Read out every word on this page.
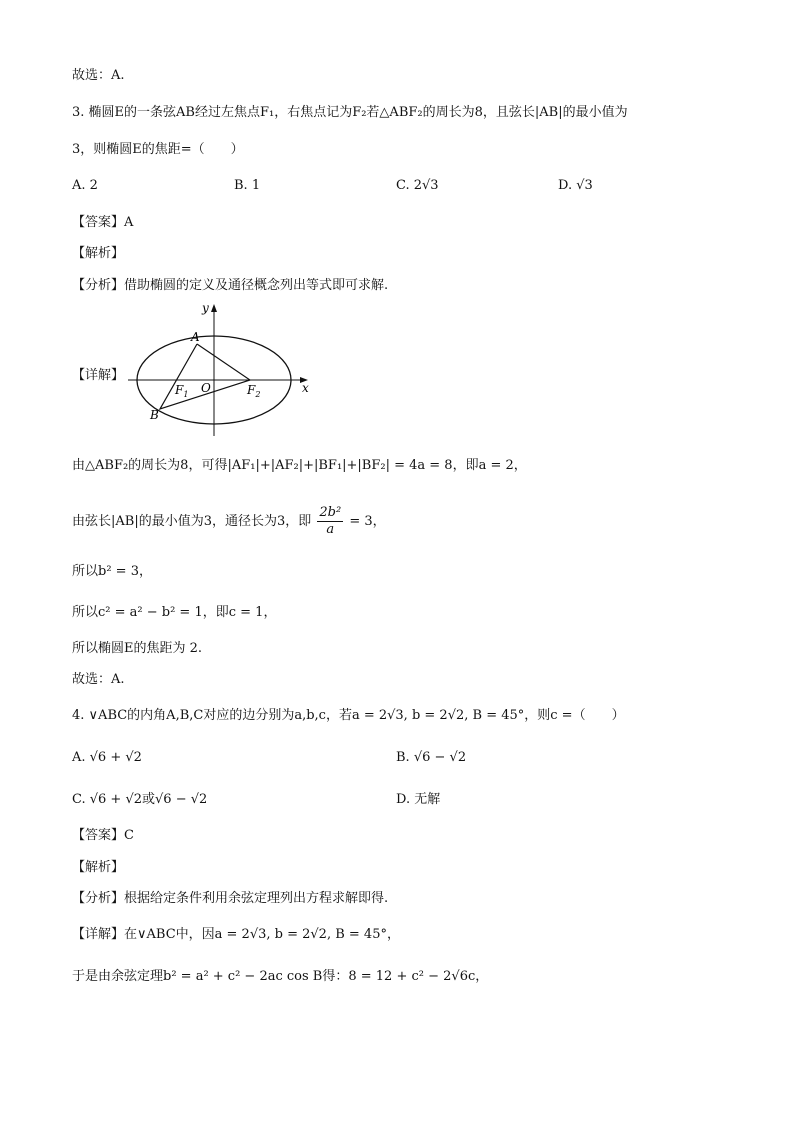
故选：A.
3. 椭圆E的一条弦AB经过左焦点F₁，右焦点记为F₂若△ABF₂的周长为8，且弦长|AB|的最小值为
3，则椭圆E的焦距=（　　）
A. 2	B. 1	C. 2√3	D. √3
【答案】A
【解析】
【分析】借助椭圆的定义及通径概念列出等式即可求解.
【详解】
y
x
A
B
O
$F_1$	$F_2$
由△ABF₂的周长为8，可得|AF₁|+|AF₂|+|BF₁|+|BF₂| = 4a = 8，即a = 2，
由弦长|AB|的最小值为3，通径长为3，即 $\frac{\text{2b²}}{a} = 3$，
所以b² = 3，
所以c² = a² − b² = 1，即c = 1，
所以椭圆E的焦距为 2.
故选：A.
4. ∨ABC的内角A,B,C对应的边分别为a,b,c，若a = 2√3, b = 2√2, B = 45°，则c =（　　）
A. √6 + √2	B. √6 − √2
C. √6 + √2或√6 − √2	D. 无解
【答案】C
【解析】
【分析】根据给定条件利用余弦定理列出方程求解即得.
【详解】在∨ABC中，因a = 2√3, b = 2√2, B = 45°，
于是由余弦定理b² = a² + c² − 2ac cos B得：8 = 12 + c² − 2√6c，
